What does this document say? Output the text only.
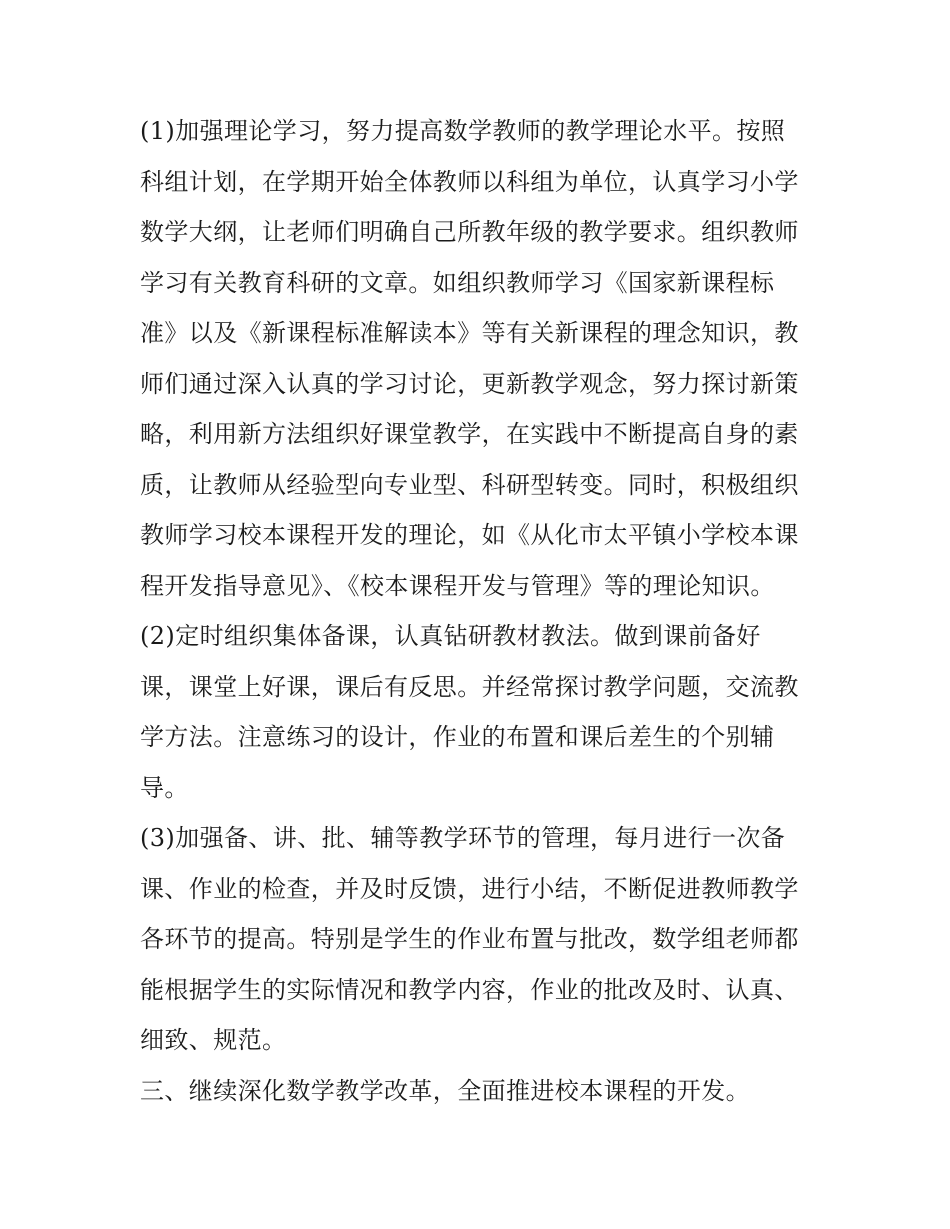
(1)加强理论学习，努力提高数学教师的教学理论水平。按照
科组计划，在学期开始全体教师以科组为单位，认真学习小学
数学大纲，让老师们明确自己所教年级的教学要求。组织教师
学习有关教育科研的文章。如组织教师学习《国家新课程标
准》以及《新课程标准解读本》等有关新课程的理念知识，教
师们通过深入认真的学习讨论，更新教学观念，努力探讨新策
略，利用新方法组织好课堂教学，在实践中不断提高自身的素
质，让教师从经验型向专业型、科研型转变。同时，积极组织
教师学习校本课程开发的理论，如《从化市太平镇小学校本课
程开发指导意见》、《校本课程开发与管理》等的理论知识。
(2)定时组织集体备课，认真钻研教材教法。做到课前备好
课，课堂上好课，课后有反思。并经常探讨教学问题，交流教
学方法。注意练习的设计，作业的布置和课后差生的个别辅
导。
(3)加强备、讲、批、辅等教学环节的管理，每月进行一次备
课、作业的检查，并及时反馈，进行小结，不断促进教师教学
各环节的提高。特别是学生的作业布置与批改，数学组老师都
能根据学生的实际情况和教学内容，作业的批改及时、认真、
细致、规范。
三、继续深化数学教学改革，全面推进校本课程的开发。
